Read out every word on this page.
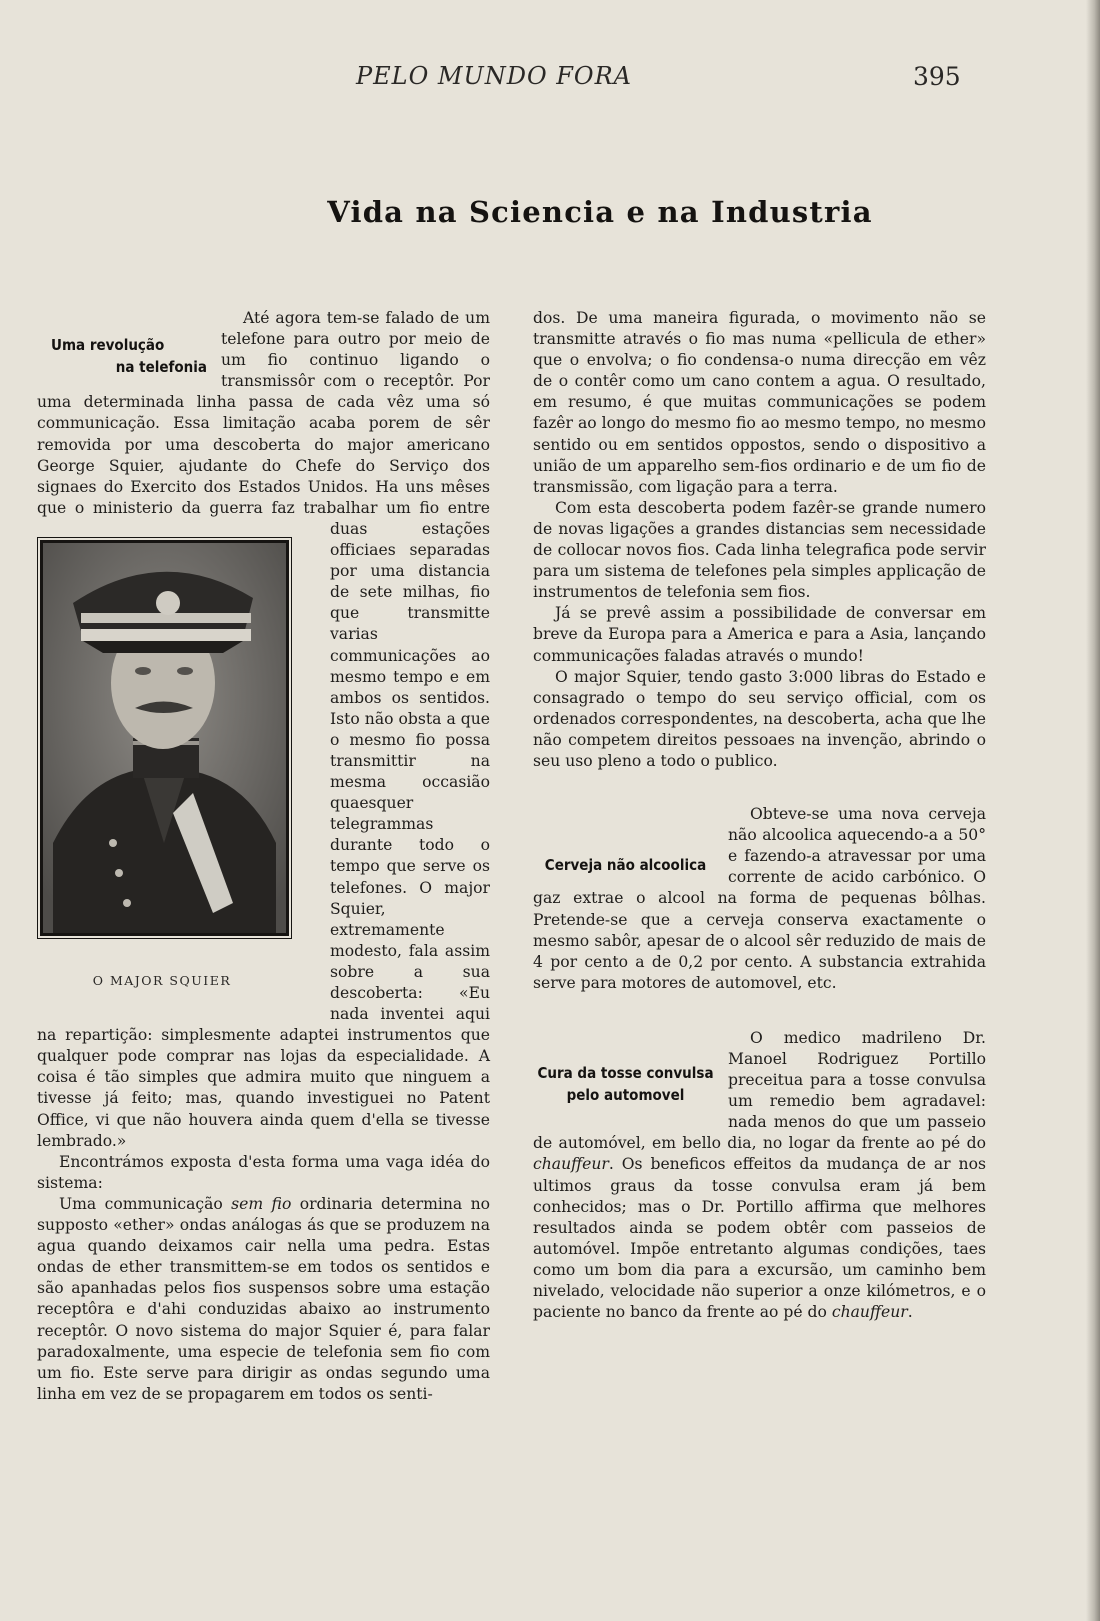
PELO MUNDO FORA	395
Vida na Sciencia e na Industria
Uma revolução
na telefonia
O MAJOR SQUIER

Até agora tem-se falado de um telefone para outro por meio de um fio continuo ligando o transmissôr com o receptôr. Por uma determinada linha passa de cada vêz uma só communicação. Essa limitação acaba porem de sêr removida por uma descoberta do major americano George Squier, ajudante do Chefe do Serviço dos signaes do Exercito dos Estados Unidos. Ha uns mêses que o ministerio da guerra faz trabalhar um fio entre duas estações officiaes separadas por uma distancia de sete milhas, fio que transmitte varias communicações ao mesmo tempo e em ambos os sentidos. Isto não obsta a que o mesmo fio possa transmittir na mesma occasião quaesquer telegrammas durante todo o tempo que serve os telefones. O major Squier, extremamente modesto, fala assim sobre a sua descoberta: «Eu nada inventei aqui na repartição: simplesmente adaptei instrumentos que qualquer pode comprar nas lojas da especialidade. A coisa é tão simples que admira muito que ninguem a tivesse já feito; mas, quando investiguei no Patent Office, vi que não houvera ainda quem d'ella se tivesse lembrado.»

Encontrámos exposta d'esta forma uma vaga idéa do sistema:

Uma communicação sem fio ordinaria determina no supposto «ether» ondas análogas ás que se produzem na agua quando deixamos cair nella uma pedra. Estas ondas de ether transmittem-se em todos os sentidos e são apanhadas pelos fios suspensos sobre uma estação receptôra e d'ahi conduzidas abaixo ao instrumento receptôr. O novo sistema do major Squier é, para falar paradoxalmente, uma especie de telefonia sem fio com um fio. Este serve para dirigir as ondas segundo uma linha em vez de se propagarem em todos os senti-

dos. De uma maneira figurada, o movimento não se transmitte através o fio mas numa «pellicula de ether» que o envolva; o fio condensa-o numa direcção em vêz de o contêr como um cano contem a agua. O resultado, em resumo, é que muitas communicações se podem fazêr ao longo do mesmo fio ao mesmo tempo, no mesmo sentido ou em sentidos oppostos, sendo o dispositivo a união de um apparelho sem-fios ordinario e de um fio de transmissão, com ligação para a terra.

Com esta descoberta podem fazêr-se grande numero de novas ligações a grandes distancias sem necessidade de collocar novos fios. Cada linha telegrafica pode servir para um sistema de telefones pela simples applicação de instrumentos de telefonia sem fios.

Já se prevê assim a possibilidade de conversar em breve da Europa para a America e para a Asia, lançando communicações faladas através o mundo!

O major Squier, tendo gasto 3:000 libras do Estado e consagrado o tempo do seu serviço official, com os ordenados correspondentes, na descoberta, acha que lhe não competem direitos pessoaes na invenção, abrindo o seu uso pleno a todo o publico.

Cerveja não alcoolica

Obteve-se uma nova cerveja não alcoolica aquecendo-a a 50° e fazendo-a atravessar por uma corrente de acido carbónico. O gaz extrae o alcool na forma de pequenas bôlhas. Pretende-se que a cerveja conserva exactamente o mesmo sabôr, apesar de o alcool sêr reduzido de mais de 4 por cento a de 0,2 por cento. A substancia extrahida serve para motores de automovel, etc.

Cura da tosse convulsa
pelo automovel

O medico madrileno Dr. Manoel Rodriguez Portillo preceitua para a tosse convulsa um remedio bem agradavel: nada menos do que um passeio de automóvel, em bello dia, no logar da frente ao pé do chauffeur. Os beneficos effeitos da mudança de ar nos ultimos graus da tosse convulsa eram já bem conhecidos; mas o Dr. Portillo affirma que melhores resultados ainda se podem obtêr com passeios de automóvel. Impõe entretanto algumas condições, taes como um bom dia para a excursão, um caminho bem nivelado, velocidade não superior a onze kilómetros, e o paciente no banco da frente ao pé do chauffeur.
